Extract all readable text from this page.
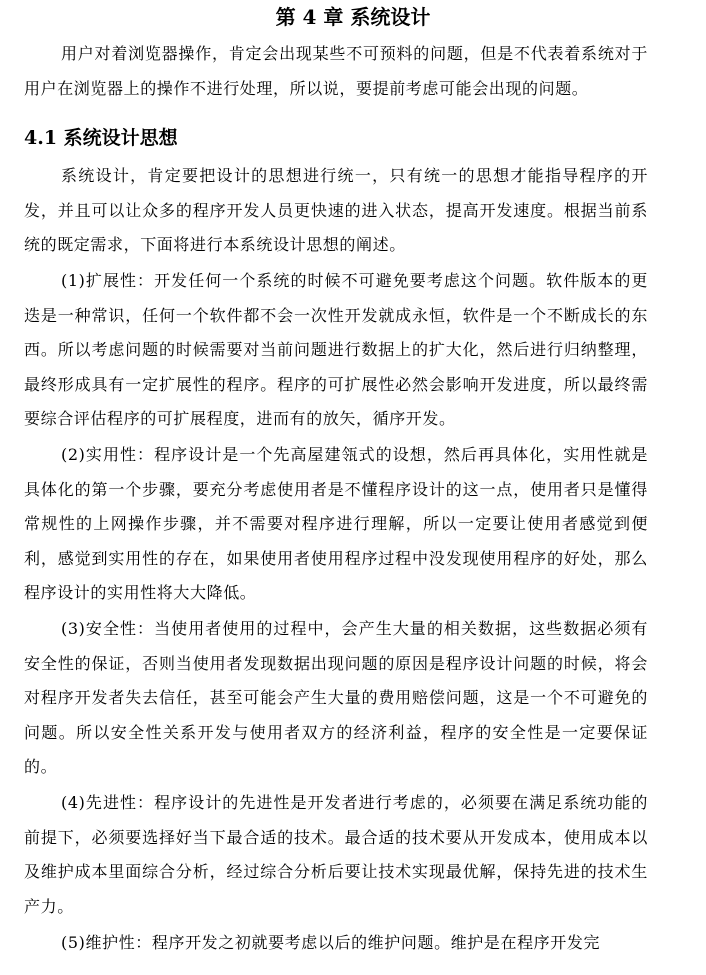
第 4 章 系统设计

用户对着浏览器操作，肯定会出现某些不可预料的问题，但是不代表着系统对于用户在浏览器上的操作不进行处理，所以说，要提前考虑可能会出现的问题。

4.1 系统设计思想

系统设计，肯定要把设计的思想进行统一，只有统一的思想才能指导程序的开发，并且可以让众多的程序开发人员更快速的进入状态，提高开发速度。根据当前系统的既定需求，下面将进行本系统设计思想的阐述。

(1)扩展性：开发任何一个系统的时候不可避免要考虑这个问题。软件版本的更迭是一种常识，任何一个软件都不会一次性开发就成永恒，软件是一个不断成长的东西。所以考虑问题的时候需要对当前问题进行数据上的扩大化，然后进行归纳整理，最终形成具有一定扩展性的程序。程序的可扩展性必然会影响开发进度，所以最终需要综合评估程序的可扩展程度，进而有的放矢，循序开发。

(2)实用性：程序设计是一个先高屋建瓴式的设想，然后再具体化，实用性就是具体化的第一个步骤，要充分考虑使用者是不懂程序设计的这一点，使用者只是懂得常规性的上网操作步骤，并不需要对程序进行理解，所以一定要让使用者感觉到便利，感觉到实用性的存在，如果使用者使用程序过程中没发现使用程序的好处，那么程序设计的实用性将大大降低。

(3)安全性：当使用者使用的过程中，会产生大量的相关数据，这些数据必须有安全性的保证，否则当使用者发现数据出现问题的原因是程序设计问题的时候，将会对程序开发者失去信任，甚至可能会产生大量的费用赔偿问题，这是一个不可避免的问题。所以安全性关系开发与使用者双方的经济利益，程序的安全性是一定要保证的。

(4)先进性：程序设计的先进性是开发者进行考虑的，必须要在满足系统功能的前提下，必须要选择好当下最合适的技术。最合适的技术要从开发成本，使用成本以及维护成本里面综合分析，经过综合分析后要让技术实现最优解，保持先进的技术生产力。

(5)维护性：程序开发之初就要考虑以后的维护问题。维护是在程序开发完
